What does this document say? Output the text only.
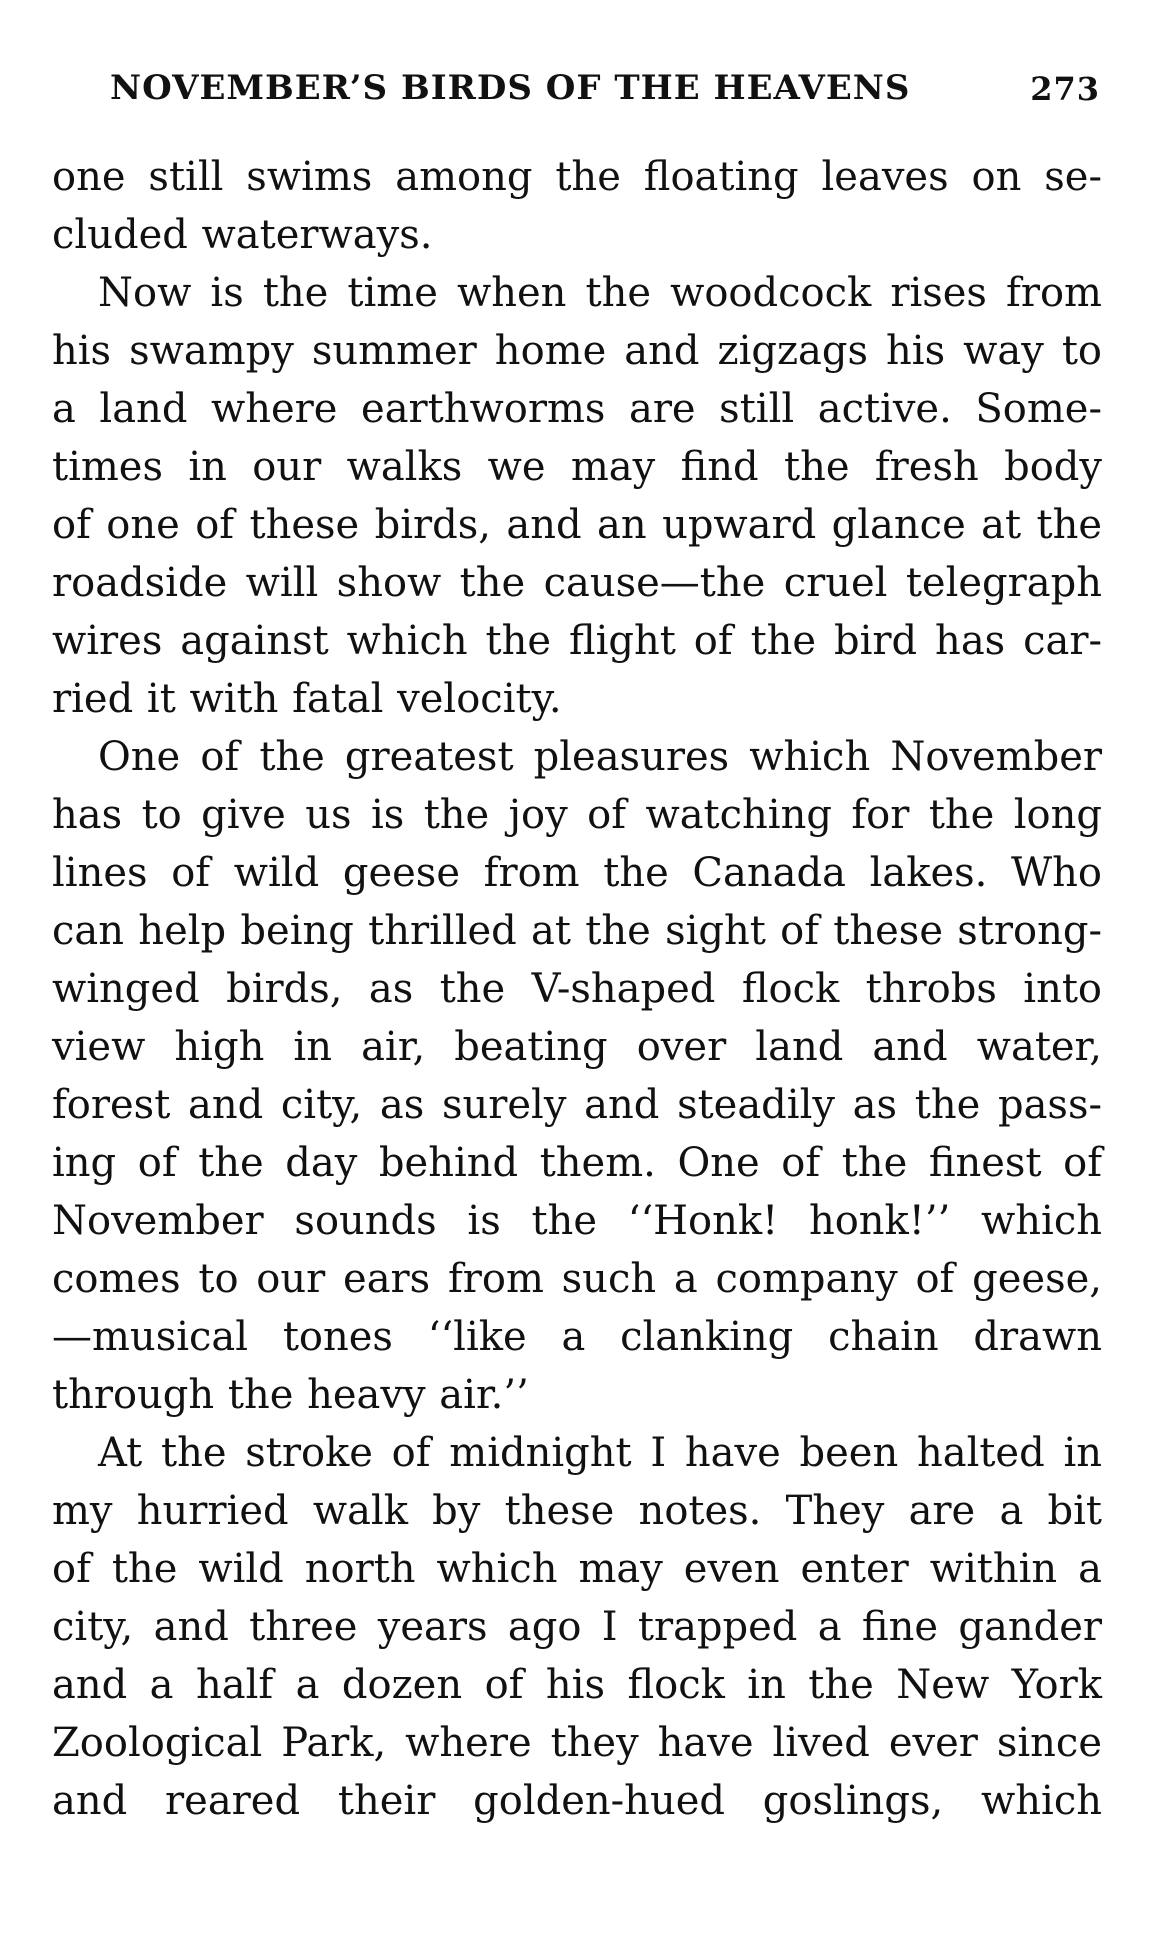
NOVEMBER’S BIRDS OF THE HEAVENS	273
one still swims among the floating leaves on se-
cluded waterways.
Now is the time when the woodcock rises from
his swampy summer home and zigzags his way to
a land where earthworms are still active. Some-
times in our walks we may find the fresh body
of one of these birds, and an upward glance at the
roadside will show the cause—the cruel telegraph
wires against which the flight of the bird has car-
ried it with fatal velocity.
One of the greatest pleasures which November
has to give us is the joy of watching for the long
lines of wild geese from the Canada lakes. Who
can help being thrilled at the sight of these strong-
winged birds, as the V-shaped flock throbs into
view high in air, beating over land and water,
forest and city, as surely and steadily as the pass-
ing of the day behind them. One of the finest of
November sounds is the ‘‘Honk! honk!’’ which
comes to our ears from such a company of geese,
—musical tones ‘‘like a clanking chain drawn
through the heavy air.’’
At the stroke of midnight I have been halted in
my hurried walk by these notes. They are a bit
of the wild north which may even enter within a
city, and three years ago I trapped a fine gander
and a half a dozen of his flock in the New York
Zoological Park, where they have lived ever since
and reared their golden-hued goslings, which
